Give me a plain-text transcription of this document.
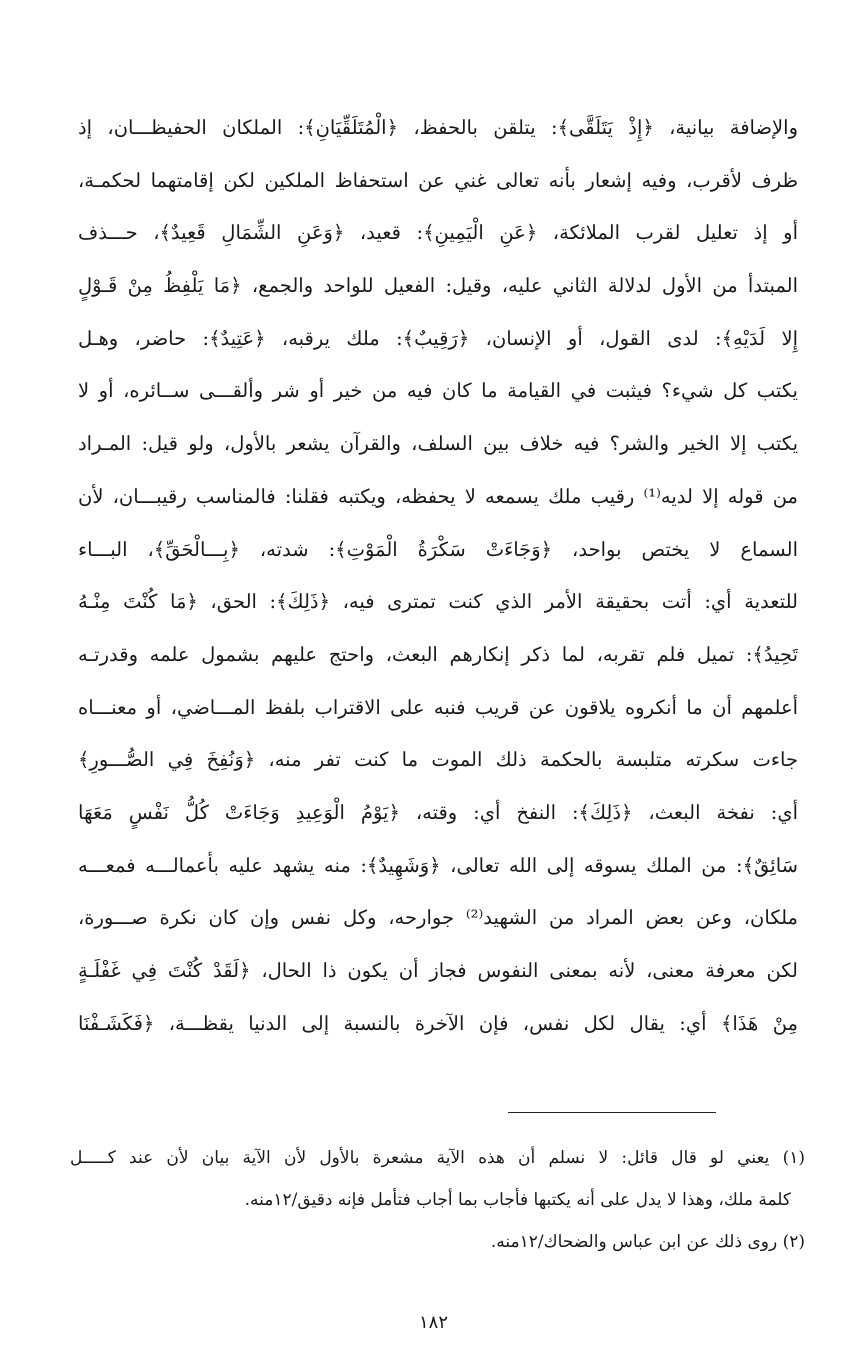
والإضافة بيانية، ﴿إِذْ يَتَلَقَّى﴾: يتلقن بالحفظ، ﴿الْمُتَلَقِّيَانِ﴾: الملكان الحفيظـــان، إذ
ظرف لأقرب، وفيه إشعار بأنه تعالى غني عن استحفاظ الملكين لكن إقامتهما لحكمـة،
أو إذ تعليل لقرب الملائكة، ﴿عَنِ الْيَمِينِ﴾: قعيد، ﴿وَعَنِ الشِّمَالِ قَعِيدٌ﴾، حـــذف
المبتدأ من الأول لدلالة الثاني عليه، وقيل: الفعيل للواحد والجمع، ﴿مَا يَلْفِظُ مِنْ قَـوْلٍ
إِلا لَدَيْهِ﴾: لدى القول، أو الإنسان، ﴿رَقِيبٌ﴾: ملك يرقبه، ﴿عَتِيدٌ﴾: حاضر، وهـل
يكتب كل شيء؟ فيثبت في القيامة ما كان فيه من خير أو شر وألقـــى ســائره، أو لا
يكتب إلا الخير والشر؟ فيه خلاف بين السلف، والقرآن يشعر بالأول، ولو قيل: المـراد
من قوله إلا لديه⁽¹⁾ رقيب ملك يسمعه لا يحفظه، ويكتبه فقلنا: فالمناسب رقيبـــان، لأن
السماع لا يختص بواحد، ﴿وَجَاءَتْ سَكْرَةُ الْمَوْتِ﴾: شدته، ﴿بِـــالْحَقِّ﴾، البـــاء
للتعدية أي: أتت بحقيقة الأمر الذي كنت تمترى فيه، ﴿ذَلِكَ﴾: الحق، ﴿مَا كُنْتَ مِنْـهُ
تَحِيدُ﴾: تميل فلم تقربه، لما ذكر إنكارهم البعث، واحتج عليهم بشمول علمه وقدرتـه
أعلمهم أن ما أنكروه يلاقون عن قريب فنبه على الاقتراب بلفظ المـــاضي، أو معنـــاه
جاءت سكرته متلبسة بالحكمة ذلك الموت ما كنت تفر منه، ﴿وَنُفِخَ فِي الصُّـــورِ﴾
أي: نفخة البعث، ﴿ذَلِكَ﴾: النفخ أي: وقته، ﴿يَوْمُ الْوَعِيدِ وَجَاءَتْ كُلُّ نَفْسٍ مَعَهَا
سَائِقٌ﴾: من الملك يسوقه إلى الله تعالى، ﴿وَشَهِيدٌ﴾: منه يشهد عليه بأعمالـــه فمعـــه
ملكان، وعن بعض المراد من الشهيد⁽²⁾ جوارحه، وكل نفس وإن كان نكرة صـــورة،
لكن معرفة معنى، لأنه بمعنى النفوس فجاز أن يكون ذا الحال، ﴿لَقَدْ كُنْتَ فِي غَفْلَـةٍ
مِنْ هَذَا﴾ أي: يقال لكل نفس، فإن الآخرة بالنسبة إلى الدنيا يقظـــة، ﴿فَكَشَـفْنَا
(١) يعني لو قال قائل: لا نسلم أن هذه الآية مشعرة بالأول لأن الآية بيان لأن عند كـــــل
كلمة ملك، وهذا لا يدل على أنه يكتبها فأجاب بما أجاب فتأمل فإنه دقيق/١٢منه.
(٢) روى ذلك عن ابن عباس والضحاك/١٢منه.
١٨٢
